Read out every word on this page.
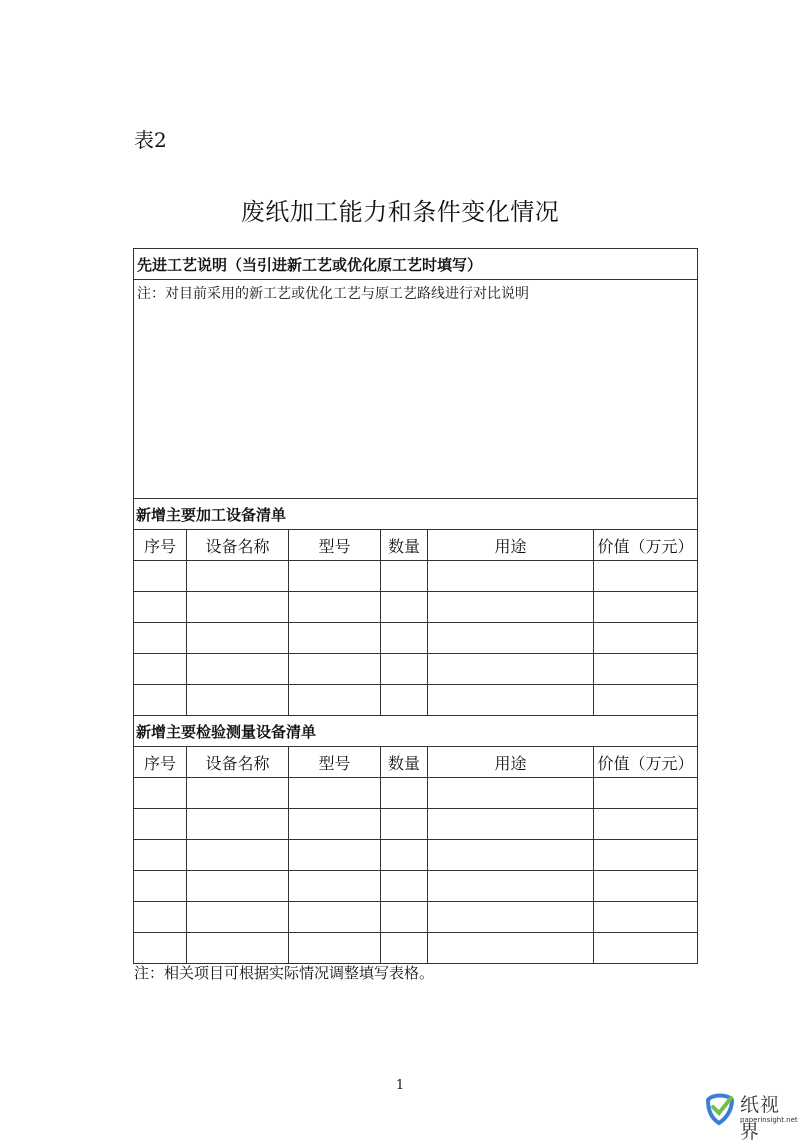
表2
废纸加工能力和条件变化情况
先进工艺说明（当引进新工艺或优化原工艺时填写）					
注：对目前采用的新工艺或优化工艺与原工艺路线进行对比说明					
新增主要加工设备清单					
序号	设备名称	型号	数量	用途	价值（万元）

新增主要检验测量设备清单					
序号	设备名称	型号	数量	用途	价值（万元）

注：相关项目可根据实际情况调整填写表格。
1
纸视界
paperinsight.net
